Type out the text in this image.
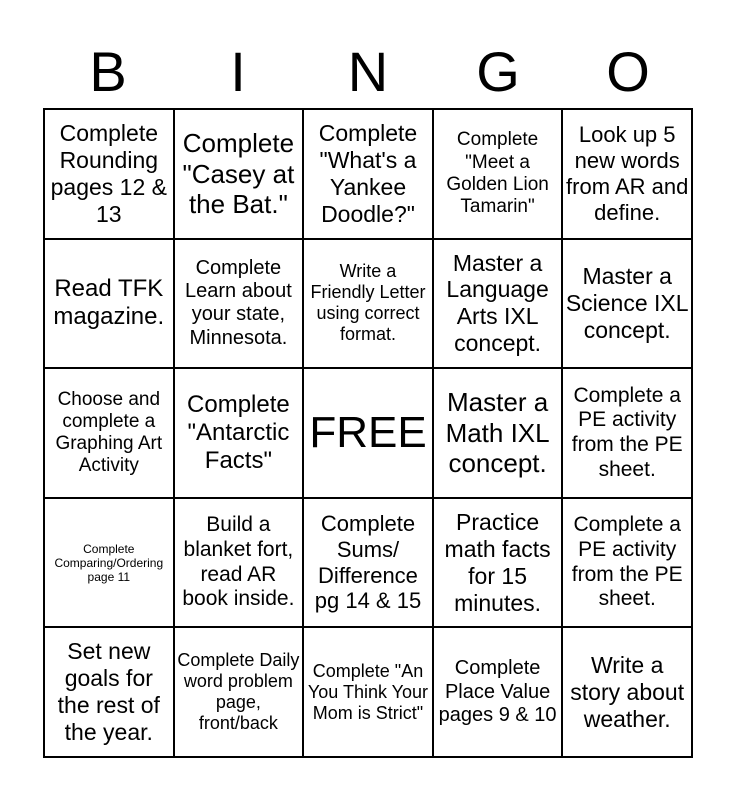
B	I	N	G	O
Complete Rounding pages 12 & 13
Complete "Casey at the Bat."
Complete "What's a Yankee Doodle?"
Complete "Meet a Golden Lion Tamarin"
Look up 5 new words from AR and define.
Read TFK magazine.
Complete Learn about your state, Minnesota.
Write a Friendly Letter using correct format.
Master a Language Arts IXL concept.
Master a Science IXL concept.
Choose and complete a Graphing Art Activity
Complete "Antarctic Facts"
FREE
Master a Math IXL concept.
Complete a PE activity from the PE sheet.
Complete Comparing/Ordering page 11
Build a blanket fort, read AR book inside.
Complete Sums/ Difference pg 14 & 15
Practice math facts for 15 minutes.
Complete a PE activity from the PE sheet.
Set new goals for the rest of the year.
Complete Daily word problem page, front/back
Complete "An You Think Your Mom is Strict"
Complete Place Value pages 9 & 10
Write a story about weather.
